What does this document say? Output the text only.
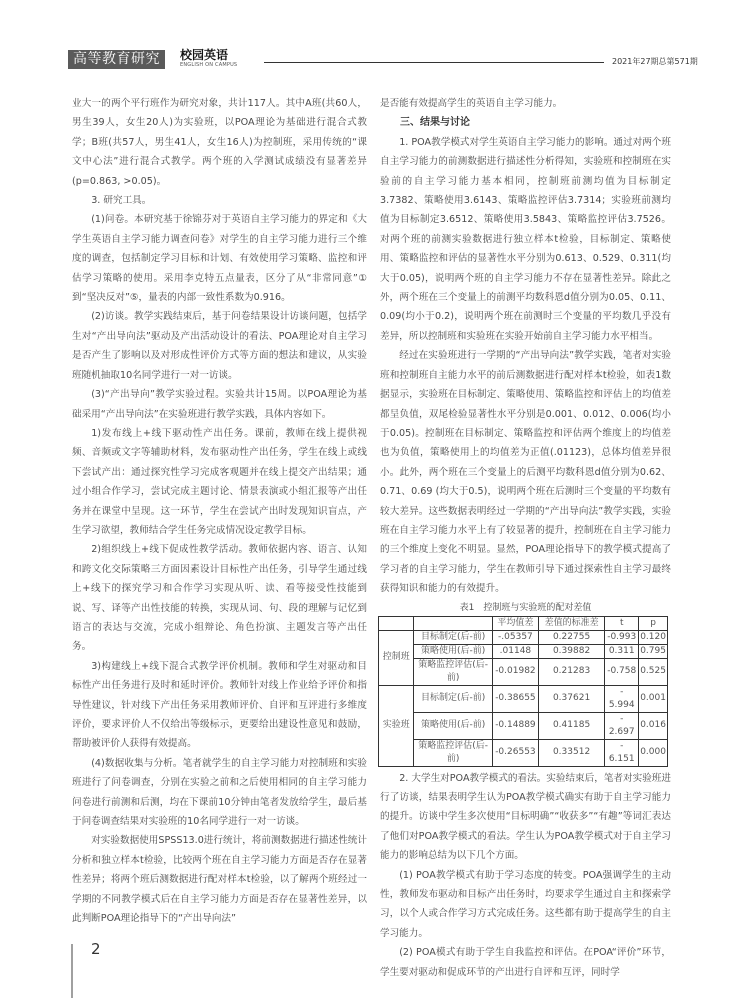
高等教育研究	校园英语
ENGLISH ON CAMPUS	2021年27期总第571期

业大一的两个平行班作为研究对象，共计117人。其中A班(共60人，男生39人，女生20人)为实验班，以POA理论为基础进行混合式教学；B班(共57人，男生41人，女生16人)为控制班，采用传统的“课文中心法”进行混合式教学。两个班的入学测试成绩没有显著差异(p=0.863, >0.05)。

3. 研究工具。

(1)问卷。本研究基于徐锦芬对于英语自主学习能力的界定和《大学生英语自主学习能力调查问卷》对学生的自主学习能力进行三个维度的调查，包括制定学习目标和计划、有效使用学习策略、监控和评估学习策略的使用。采用李克特五点量表，区分了从“非常同意”①到“坚决反对”⑤，量表的内部一致性系数为0.916。

(2)访谈。教学实践结束后，基于问卷结果设计访谈问题，包括学生对“产出导向法”驱动及产出活动设计的看法、POA理论对自主学习是否产生了影响以及对形成性评价方式等方面的想法和建议，从实验班随机抽取10名同学进行一对一访谈。

(3)“产出导向”教学实验过程。实验共计15周。以POA理论为基础采用“产出导向法”在实验班进行教学实践，具体内容如下。

1)发布线上+线下驱动性产出任务。课前，教师在线上提供视频、音频或文字等辅助材料，发布驱动性产出任务，学生在线上或线下尝试产出：通过探究性学习完成客观题并在线上提交产出结果；通过小组合作学习，尝试完成主题讨论、情景表演或小组汇报等产出任务并在课堂中呈现。这一环节，学生在尝试产出时发现知识盲点，产生学习欲望，教师结合学生任务完成情况设定教学目标。

2)组织线上+线下促成性教学活动。教师依据内容、语言、认知和跨文化交际策略三方面因素设计目标性产出任务，引导学生通过线上+线下的探究学习和合作学习实现从听、读、看等接受性技能到说、写、译等产出性技能的转换，实现从词、句、段的理解与记忆到语言的表达与交流，完成小组辩论、角色扮演、主题发言等产出任务。

3)构建线上+线下混合式教学评价机制。教师和学生对驱动和目标性产出任务进行及时和延时评价。教师针对线上作业给予评价和指导性建议，针对线下产出任务采用教师评价、自评和互评进行多维度评价，要求评价人不仅给出等级标示，更要给出建设性意见和鼓励，帮助被评价人获得有效提高。

(4)数据收集与分析。笔者就学生的自主学习能力对控制班和实验班进行了问卷调查，分别在实验之前和之后使用相同的自主学习能力问卷进行前测和后测，均在下课前10分钟由笔者发放给学生，最后基于问卷调查结果对实验班的10名同学进行一对一访谈。

对实验数据使用SPSS13.0进行统计，将前测数据进行描述性统计分析和独立样本t检验，比较两个班在自主学习能力方面是否存在显著性差异；将两个班后测数据进行配对样本t检验，以了解两个班经过一学期的不同教学模式后在自主学习能力方面是否存在显著性差异，以此判断POA理论指导下的“产出导向法”

是否能有效提高学生的英语自主学习能力。

三、结果与讨论

1. POA教学模式对学生英语自主学习能力的影响。通过对两个班自主学习能力的前测数据进行描述性分析得知，实验班和控制班在实验前的自主学习能力基本相同，控制班前测均值为目标制定3.7382、策略使用3.6143、策略监控评估3.7314；实验班前测均值为目标制定3.6512、策略使用3.5843、策略监控评估3.7526。对两个班的前测实验数据进行独立样本t检验，目标制定、策略使用、策略监控和评估的显著性水平分别为0.613、0.529、0.311(均大于0.05)，说明两个班的自主学习能力不存在显著性差异。除此之外，两个班在三个变量上的前测平均数科恩d值分别为0.05、0.11、0.09(均小于0.2)，说明两个班在前测时三个变量的平均数几乎没有差异，所以控制班和实验班在实验开始前自主学习能力水平相当。

经过在实验班进行一学期的“产出导向法”教学实践，笔者对实验班和控制班自主能力水平的前后测数据进行配对样本t检验，如表1数据显示，实验班在目标制定、策略使用、策略监控和评估上的均值差都呈负值，双尾检验显著性水平分别是0.001、0.012、0.006(均小于0.05)。控制班在目标制定、策略监控和评估两个维度上的均值差也为负值，策略使用上的均值差为正值(.01123)，总体均值差异很小。此外，两个班在三个变量上的后测平均数科恩d值分别为0.62、0.71、0.69 (均大于0.5)，说明两个班在后测时三个变量的平均数有较大差异。这些数据表明经过一学期的“产出导向法”教学实践，实验班在自主学习能力水平上有了较显著的提升，控制班在自主学习能力的三个维度上变化不明显。显然，POA理论指导下的教学模式提高了学习者的自主学习能力，学生在教师引导下通过探索性自主学习最终获得知识和能力的有效提升。

表1　控制班与实验班的配对差值
		平均值差	差值的标准差	t	p
控制班	目标制定(后-前)	-.05357	0.22755	-0.993	0.120
	策略使用(后-前)	.01148	0.39882	0.311	0.795
	策略监控评估(后-前)	-0.01982	0.21283	-0.758	0.525
实验班	目标制定(后-前)	-0.38655	0.37621	- 5.994	0.001
	策略使用(后-前)	-0.14889	0.41185	- 2.697	0.016
	策略监控评估(后-前)	-0.26553	0.33512	- 6.151	0.000

2. 大学生对POA教学模式的看法。实验结束后，笔者对实验班进行了访谈，结果表明学生认为POA教学模式确实有助于自主学习能力的提升。访谈中学生多次使用“目标明确”“收获多”“有趣”等词汇表达了他们对POA教学模式的看法。学生认为POA教学模式对于自主学习能力的影响总结为以下几个方面。

(1) POA教学模式有助于学习态度的转变。POA强调学生的主动性，教师发布驱动和目标产出任务时，均要求学生通过自主和探索学习，以个人或合作学习方式完成任务。这些都有助于提高学生的自主学习能力。

(2) POA模式有助于学生自我监控和评估。在POA“评价”环节，学生要对驱动和促成环节的产出进行自评和互评，同时学

2
